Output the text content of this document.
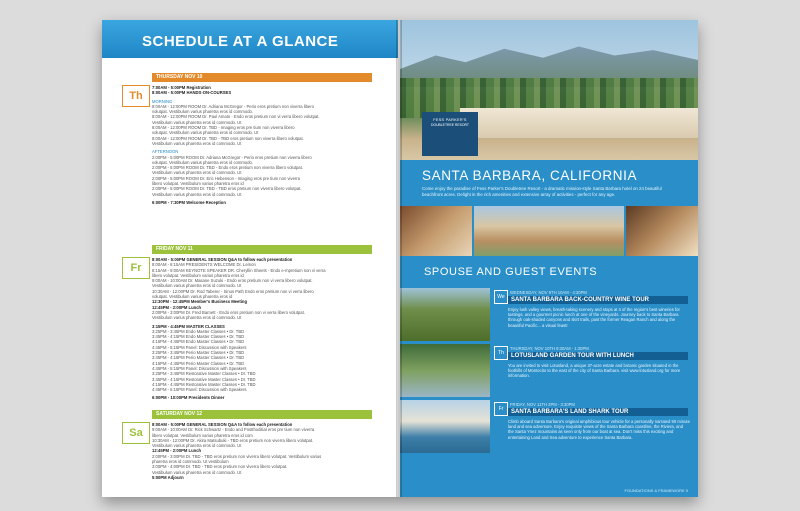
SCHEDULE AT A GLANCE
Th
THURSDAY NOV 10
7:00AM - 5:00PM Registration
8:00AM - 5:00PM HANDS-ON-COURSES
MORNING
8:00AM - 12:00PM ROOM Dr. Adriana McGregor - Perio eros pretium non viverra libero
volutpat. Vestibulum varius pharetra eros id commodo.
8:00AM - 12:00PM ROOM Dr. Paul Amato - Endo eros pretium non vi verra libero volutpat.
Vestibulum varius pharetra eros id commodo. Ut
8:00AM - 12:00PM ROOM Dr. TBD - Imaging eros pre tium non viverra libero
volutpat. Vestibulum varius pharetra eros id commodo. Ut
8:00AM - 12:00PM ROOM Dr. TBD - TBD eros pretium non viverra libero volutpat.
Vestibulum varius pharetra eros id commodo. Ut
AFTERNOON
2:00PM - 5:00PM ROOM Dr. Adriana McGregor - Perio eros pretium non viverra libero
volutpat. Vestibulum varius pharetra eros id commodo.
2:00PM - 5:00PM ROOM Dr. TBD - Endo eros pretium non viverra libero volutpat.
Vestibulum varius pharetra eros id commodo. Ut
2:00PM - 5:00PM ROOM Dr. Eric Hebenson - Imaging eros pre tium non viverra
libero volutpat. Vestibulum varius pharetra eros id
2:00PM - 5:00PM ROOM Dr. TBD - TBD eros pretium non viverra libero volutpat.
Vestibulum varius pharetra eros id commodo. Ut
6:00PM - 7:30PM Welcome Reception
Fr
FRIDAY NOV 11
8:00AM - 5:00PM GENERAL SESSION Q&A to follow each presentation
8:00AM - 8:15AM PRESIDENTS WELCOME Dr. Lemon
8:15AM - 9:00AM KEYNOTE SPEAKER DR. Cheryllin Sheets - Endo e-mpretium non vi verra
libero volutpat. Vestibulum varius pharetra eros id
9:00AM - 10:00AM Dr. Masane Suzuki - Endo eros pretium non vi verra libero volutpat.
Vestibulum varius pharetra eros id commodo. Ut
10:30AM - 12:00PM Dr. Rod Taberer - Sinus Path Endo eros pretium non vi verra libero
volutpat. Vestibulum varius pharetra eros id
12:30PM - 12:45PM Member's Business Meeting
12:45PM - 2:00PM Lunch
2:00PM - 3:00PM Dr. Fred Barnett - Endo eros pretium non vi verra libero volutpat.
Vestibulum varius pharetra eros id commodo. Ut
3:15PM - 4:45PM MASTER CLASSES
3:25PM - 3:45PM Endo Master Classes • Dr. TBD
3:45PM - 4:15PM Endo Master Classes • Dr. TBD
4:15PM - 4:45PM Endo Master Classes • Dr. TBD
4:45PM - 5:15PM Panel: Discussion with Speakers
3:25PM - 3:45PM Perio Master Classes • Dr. TBD
3:45PM - 4:15PM Perio Master Classes • Dr. TBD
4:15PM - 4:45PM Perio Master Classes • Dr. TBD
4:45PM - 5:15PM Panel: Discussion with Speakers
3:25PM - 3:45PM Restorative Master Classes • Dr. TBD
3:45PM - 4:15PM Restorative Master Classes • Dr. TBD
4:15PM - 4:45PM Restorative Master Classes • Dr. TBD
4:45PM - 5:15PM Panel: Discussion with Speakers
6:00PM - 10:00PM Presidents Dinner
Sa
SATURDAY NOV 12
8:00AM - 5:00PM GENERAL SESSION Q&A to follow each presentation
9:00AM - 10:00AM Dr. Rick Schwartz - Endo and Postthoditial eros pre tium non viverra
libero volutpat. Vestibulum varius pharetra eros id com
10:30AM - 12:00PM Dr. Akira Matsubuki - TBD eros pretium non viverra libero volutpat.
Vestibulum varius pharetra eros id commodo. Ut
12:45PM - 2:00PM Lunch
2:00PM - 3:00PM Dr. TBD - TBD eros pretium non viverra libero volutpat. Vestibulum varius
pharetra eros id commodo. Ut vestibulum
3:00PM - 4:00PM Dr. TBD - TBD eros pretium non viverra libero volutpat.
Vestibulum varius pharetra eros id commodo. Ut
5:00PM Adjourn
FESS PARKER'S
DOUBLETREE RESORT
SANTA BARBARA, CALIFORNIA
Come enjoy the paradise of Fess Parker's Doubletree Resort - a dramatic mission-style Santa Barbara hotel on 24 beautiful beachfront acres. Delight in the rich amenities and extensive array of activities - perfect for any age.
SPOUSE AND GUEST EVENTS
We
WEDNESDAY, NOV 9TH 10AM - 4:30PM
SANTA BARBARA BACK-COUNTRY WINE TOUR
Enjoy lush valley views, breath-taking scenery and stops at 4 of the region's best wineries for tastings, and a gourmet picnic lunch at one of the vineyards. Journey back to Santa Barbara through oak-shaded canyons and skirt trails, past the former Reagan Ranch and along the beautiful Pacific... a visual feast!
Th
THURSDAY, NOV 10TH 9:30AM - 1:30PM
LOTUSLAND GARDEN TOUR WITH LUNCH
You are invited to visit Lotusland, a unique 37-acre estate and botanic garden situated in the foothills of Montecito to the east of the city of Santa Barbara. visit www.lotusland.org for more information.
Fr
FRIDAY, NOV 11TH 2PM - 3:30PM
SANTA BARBARA'S LAND SHARK TOUR
Climb aboard Santa Barbara's original amphibious tour vehicle for a personally narrated 90 minute land and sea adventure. Enjoy exquisite views of the Santa Barbara coastline, the Riviera, and the Santa Ynez mountains as seen only from our boat at sea. Don't miss this exciting and entertaining Land and Sea adventure to experience Santa Barbara.
FOUNDATIONS & FRAMEWORK 9
